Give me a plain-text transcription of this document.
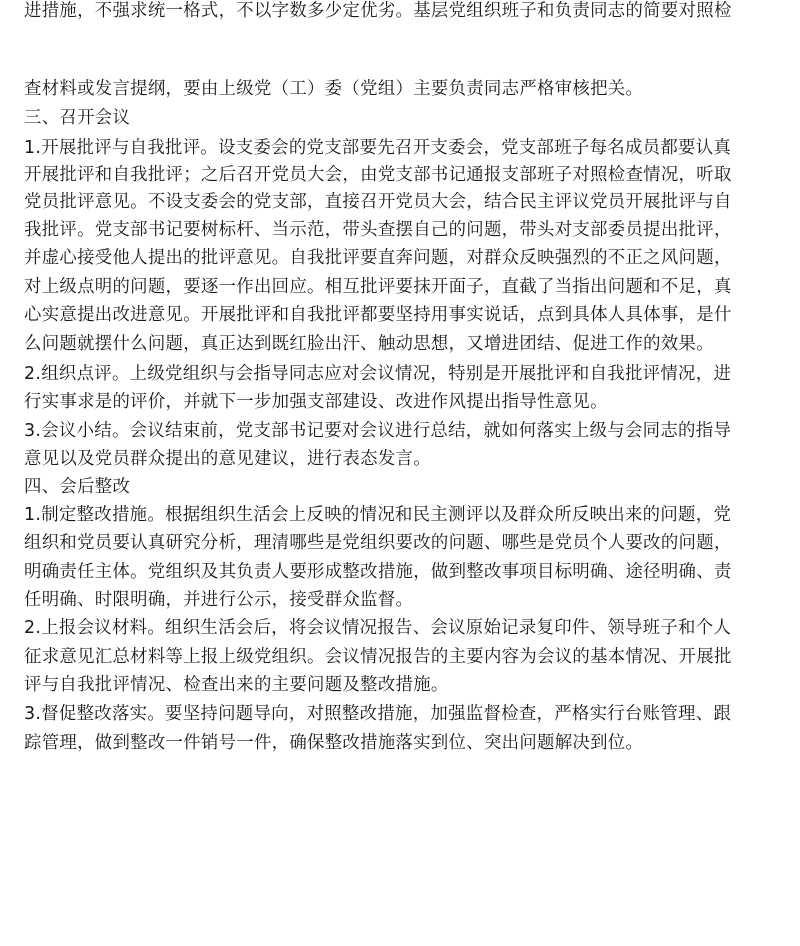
进措施，不强求统一格式，不以字数多少定优劣。基层党组织班子和负责同志的简要对照检
查材料或发言提纲，要由上级党（工）委（党组）主要负责同志严格审核把关。
三、召开会议
1.开展批评与自我批评。设支委会的党支部要先召开支委会，党支部班子每名成员都要认真
开展批评和自我批评；之后召开党员大会，由党支部书记通报支部班子对照检查情况，听取
党员批评意见。不设支委会的党支部，直接召开党员大会，结合民主评议党员开展批评与自
我批评。党支部书记要树标杆、当示范，带头查摆自己的问题，带头对支部委员提出批评，
并虚心接受他人提出的批评意见。自我批评要直奔问题，对群众反映强烈的不正之风问题，
对上级点明的问题，要逐一作出回应。相互批评要抹开面子，直截了当指出问题和不足，真
心实意提出改进意见。开展批评和自我批评都要坚持用事实说话，点到具体人具体事，是什
么问题就摆什么问题，真正达到既红脸出汗、触动思想，又增进团结、促进工作的效果。
2.组织点评。上级党组织与会指导同志应对会议情况，特别是开展批评和自我批评情况，进
行实事求是的评价，并就下一步加强支部建设、改进作风提出指导性意见。
3.会议小结。会议结束前，党支部书记要对会议进行总结，就如何落实上级与会同志的指导
意见以及党员群众提出的意见建议，进行表态发言。
四、会后整改
1.制定整改措施。根据组织生活会上反映的情况和民主测评以及群众所反映出来的问题，党
组织和党员要认真研究分析，理清哪些是党组织要改的问题、哪些是党员个人要改的问题，
明确责任主体。党组织及其负责人要形成整改措施，做到整改事项目标明确、途径明确、责
任明确、时限明确，并进行公示，接受群众监督。
2.上报会议材料。组织生活会后，将会议情况报告、会议原始记录复印件、领导班子和个人
征求意见汇总材料等上报上级党组织。会议情况报告的主要内容为会议的基本情况、开展批
评与自我批评情况、检查出来的主要问题及整改措施。
3.督促整改落实。要坚持问题导向，对照整改措施，加强监督检查，严格实行台账管理、跟
踪管理，做到整改一件销号一件，确保整改措施落实到位、突出问题解决到位。
